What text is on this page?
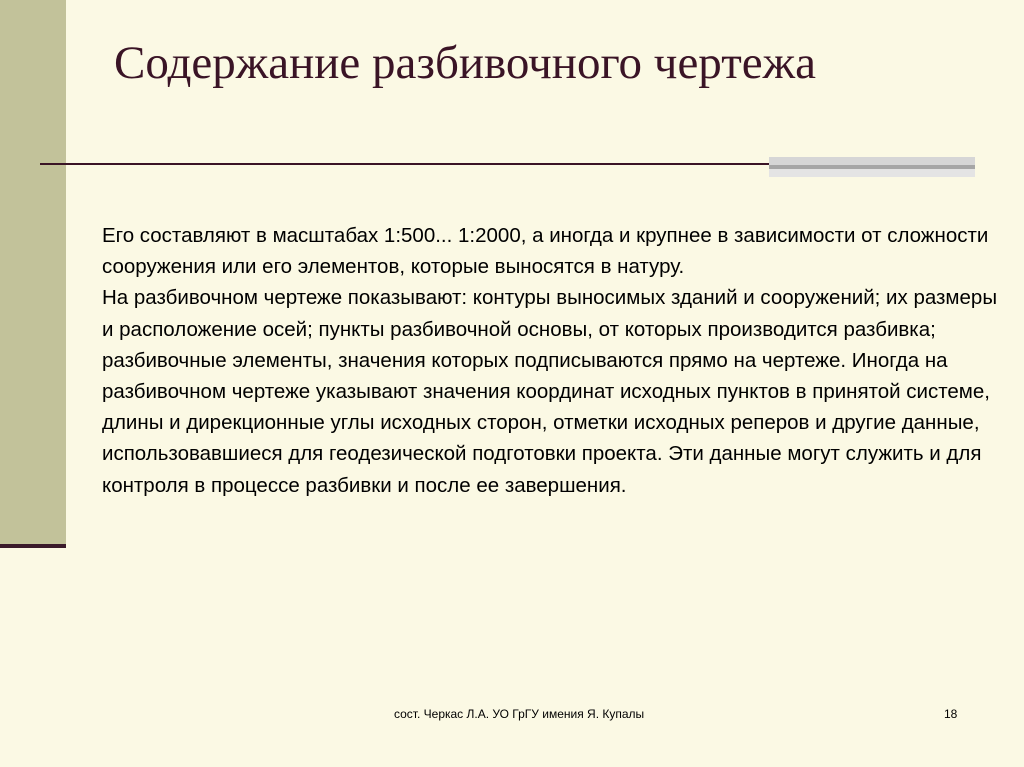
Содержание разбивочного чертежа
Его составляют в масштабах 1:500... 1:2000, а иногда и крупнее в зависимости от сложности сооружения или его элементов, которые выносятся в натуру.
На разбивочном чертеже показывают: контуры выносимых зданий и сооружений; их размеры и расположение осей; пункты разбивочной основы, от которых производится разбивка; разбивочные элементы, значения которых подписываются прямо на чертеже. Иногда на разбивочном чертеже указывают значения координат исходных пунктов в принятой системе, длины и дирекционные углы исходных сторон, отметки исходных реперов и другие данные, использовавшиеся для геодезической подготовки проекта. Эти данные могут служить и для контроля в процессе разбивки и после ее завершения.
сост. Черкас Л.А. УО ГрГУ имения Я. Купалы	18
